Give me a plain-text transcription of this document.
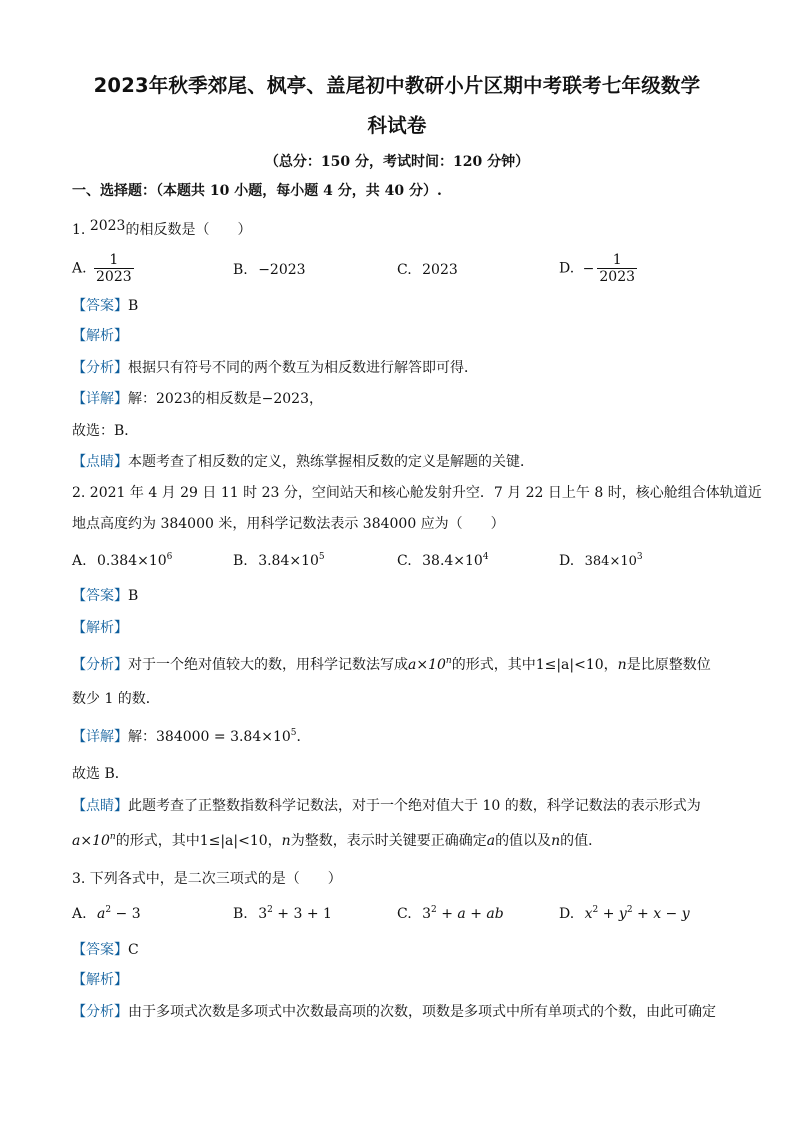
2023年秋季郊尾、枫亭、盖尾初中教研小片区期中考联考七年级数学
科试卷
（总分：150 分，考试时间：120 分钟）
一、选择题：（本题共 10 小题，每小题 4 分，共 40 分）.
1. 2023的相反数是（　　）
A. $\frac{1}{2023}$	B. −2023	C. 2023	D. − $\frac{1}{2023}$
【答案】B
【解析】
【分析】根据只有符号不同的两个数互为相反数进行解答即可得．
【详解】解：2023的相反数是−2023，
故选：B．
【点睛】本题考查了相反数的定义，熟练掌握相反数的定义是解题的关键．
2. 2021 年 4 月 29 日 11 时 23 分，空间站天和核心舱发射升空．7 月 22 日上午 8 时，核心舱组合体轨道近
地点高度约为 384000 米，用科学记数法表示 384000 应为（　　）
A. $0.384\times 10^6$	B. $3.84\times 10^5$	C. $38.4\times 10^4$	D. $384\times 10^3$
【答案】B
【解析】
【分析】对于一个绝对值较大的数，用科学记数法写成$a\times 10^n$的形式，其中1≤|a|<10，n是比原整数位
数少 1 的数．
【详解】解：$384000 = 3.84\times 10^5$．
故选 B．
【点睛】此题考查了正整数指数科学记数法，对于一个绝对值大于 10 的数，科学记数法的表示形式为
$a\times 10^n$的形式，其中1≤|a|<10，n为整数，表示时关键要正确确定a的值以及n的值．
3. 下列各式中，是二次三项式的是（　　）
A. $a^2 - 3$	B. $3^2 + 3 + 1$	C. $3^2 + a$ + ab	D. $x^2 + y^2 + x - y$
【答案】C
【解析】
【分析】由于多项式次数是多项式中次数最高项的次数，项数是多项式中所有单项式的个数，由此可确定
